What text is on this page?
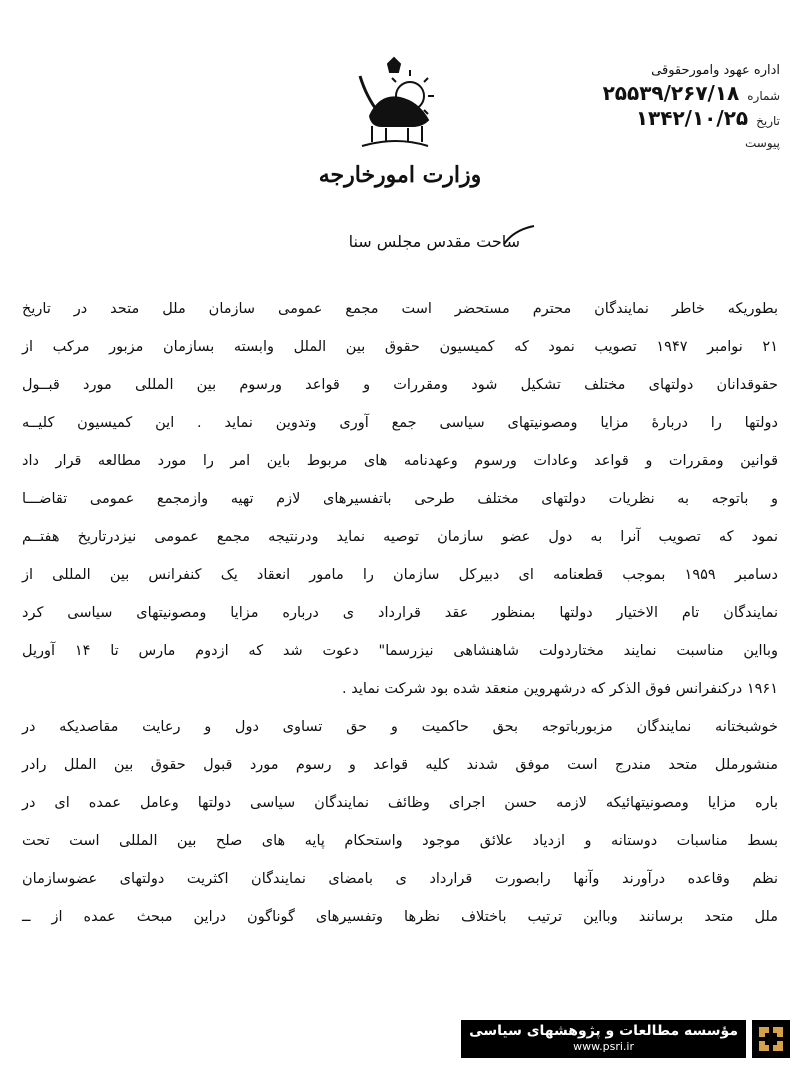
اداره عهود وامورحقوقی
شماره
۲۵۵۳۹/۲۶۷/۱۸
تاریخ
۱۳۴۲/۱۰/۲۵
پیوست
وزارت امورخارجه
ساحت مقدس مجلس سنا

بطوریکه خاطر نمایندگان محترم مستحضر است مجمع عمومی سازمان ملل متحد در تاریخ

۲۱ نوامبر ۱۹۴۷ تصویب نمود که کمیسیون حقوق بین الملل وابسته بسازمان مزبور مرکب از

حقوقدانان دولتهای مختلف تشکیل شود ومقررات و قواعد ورسوم بین المللی مورد قبــول

دولتها را دربارهٔ مزایا ومصونیتهای سیاسی جمع آوری وتدوین نماید . این کمیسیون کلیــه

قوانین ومقررات و قواعد وعادات ورسوم وعهدنامه های مربوط باین امر را مورد مطالعه قرار داد

و باتوجه به نظریات دولتهای مختلف طرحی باتفسیرهای لازم تهیه وازمجمع عمومی تقاضـــا

نمود که تصویب آنرا به دول عضو سازمان توصیه نماید ودرنتیجه مجمع عمومی نیزدرتاریخ هفتــم

دسامبر ۱۹۵۹ بموجب قطعنامه ای دبیرکل سازمان را مامور انعقاد یک کنفرانس بین المللی از

نمایندگان تام الاختیار دولتها بمنظور عقد قرارداد ی درباره مزایا ومصونیتهای سیاسی کرد

وبااین مناسبت نمایند مختاردولت شاهنشاهی نیزرسما" دعوت شد که ازدوم مارس تا ۱۴ آوریل

۱۹۶۱ درکنفرانس فوق الذکر که درشهروین منعقد شده بود شرکت نماید .

خوشبختانه نمایندگان مزبورباتوجه بحق حاکمیت و حق تساوی دول و رعایت مقاصدیکه در

منشورملل متحد مندرج است موفق شدند کلیه قواعد و رسوم مورد قبول حقوق بین الملل رادر

باره مزایا ومصونیتهائیکه لازمه حسن اجرای وظائف نمایندگان سیاسی دولتها وعامل عمده ای در

بسط مناسبات دوستانه و ازدیاد علائق موجود واستحکام پایه های صلح بین المللی است تحت

نظم وقاعده درآورند وآنها رابصورت قرارداد ی بامضای نمایندگان اکثریت دولتهای عضوسازمان

ملل متحد برسانند وبااین ترتیب باختلاف نظرها وتفسیرهای گوناگون دراین مبحث عمده از ــ

مؤسسه مطالعات و پژوهشهای سیاسی
www.psri.ir
